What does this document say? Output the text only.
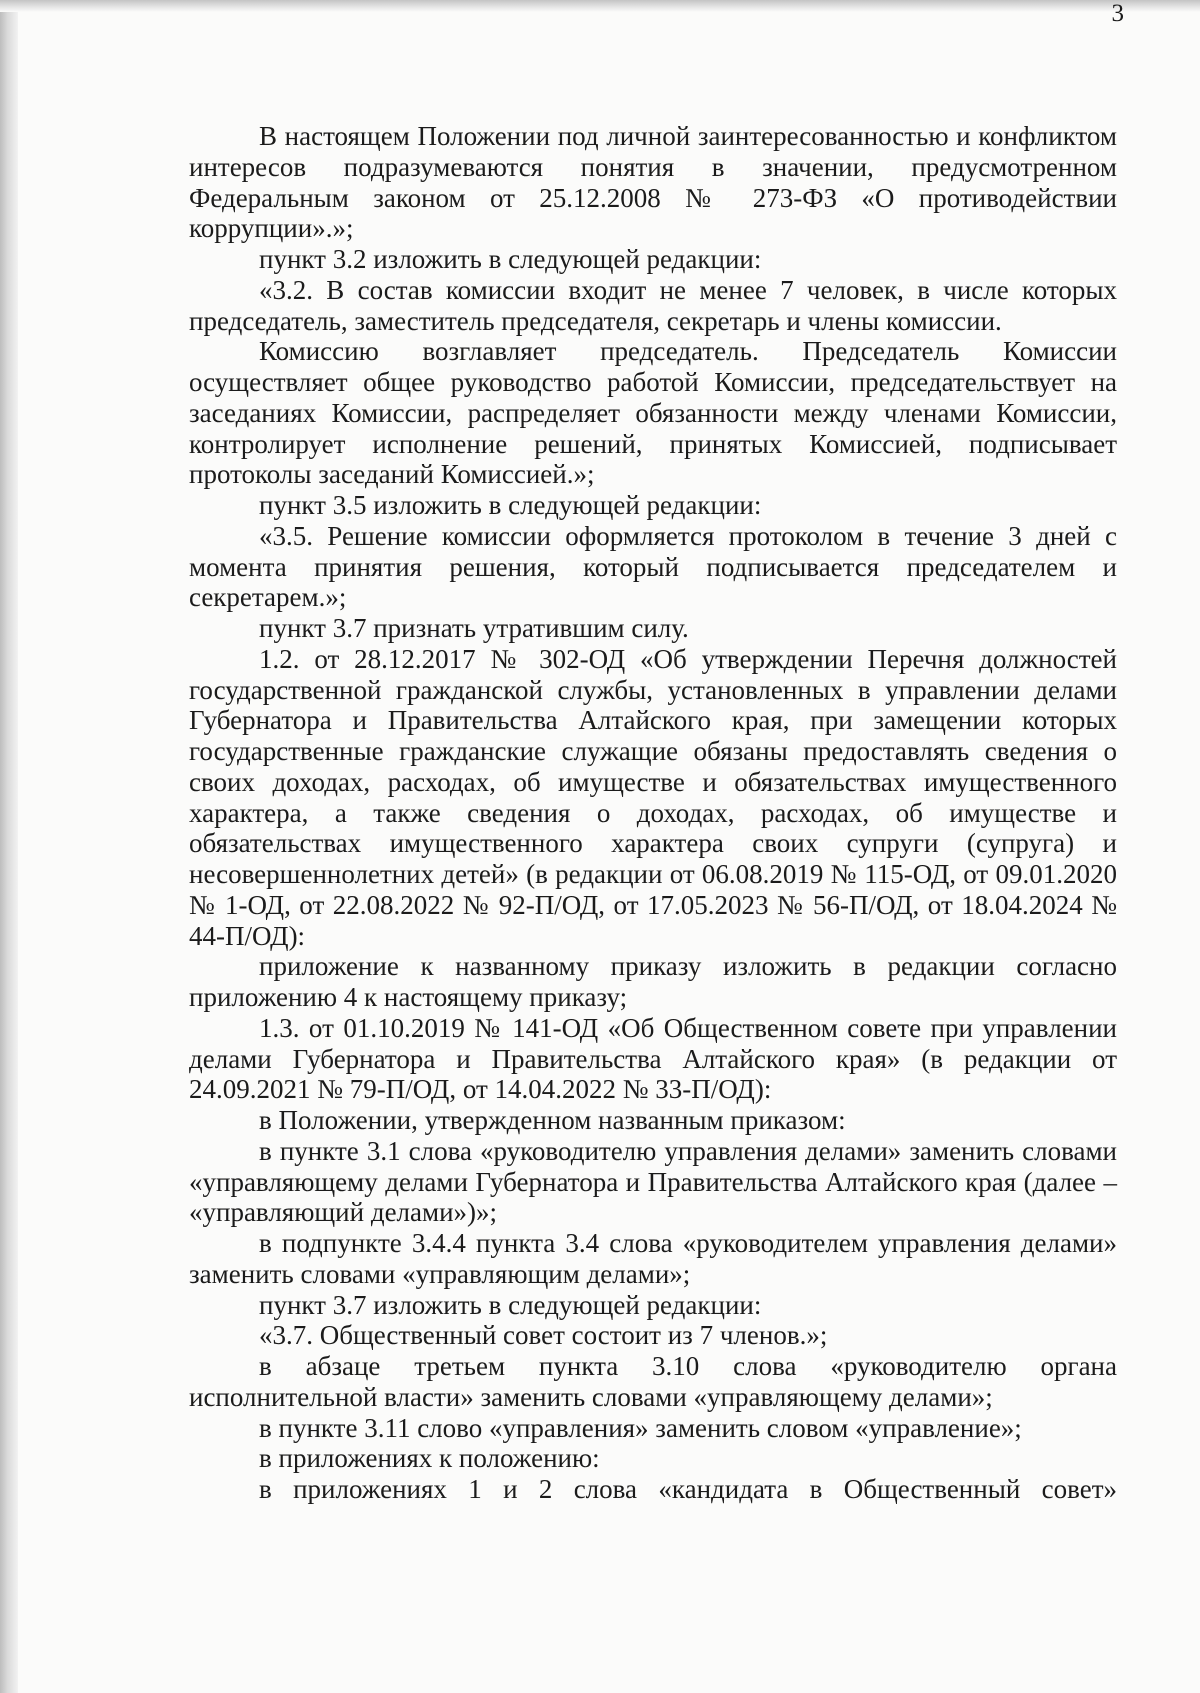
3

В настоящем Положении под личной заинтересованностью и конфликтом интересов подразумеваются понятия в значении, предусмотренном Федеральным законом от 25.12.2008 № 273-ФЗ «О противодействии коррупции».»;

пункт 3.2 изложить в следующей редакции:

«3.2. В состав комиссии входит не менее 7 человек, в числе которых председатель, заместитель председателя, секретарь и члены комиссии.

Комиссию возглавляет председатель. Председатель Комиссии осуществляет общее руководство работой Комиссии, председательствует на заседаниях Комиссии, распределяет обязанности между членами Комиссии, контролирует исполнение решений, принятых Комиссией, подписывает протоколы заседаний Комиссией.»;

пункт 3.5 изложить в следующей редакции:

«3.5. Решение комиссии оформляется протоколом в течение 3 дней с момента принятия решения, который подписывается председателем и секретарем.»;

пункт 3.7 признать утратившим силу.

1.2. от 28.12.2017 № 302-ОД «Об утверждении Перечня должностей государственной гражданской службы, установленных в управлении делами Губернатора и Правительства Алтайского края, при замещении которых государственные гражданские служащие обязаны предоставлять сведения о своих доходах, расходах, об имуществе и обязательствах имущественного характера, а также сведения о доходах, расходах, об имуществе и обязательствах имущественного характера своих супруги (супруга) и несовершеннолетних детей» (в редакции от 06.08.2019 № 115-ОД, от 09.01.2020 № 1-ОД, от 22.08.2022 № 92-П/ОД, от 17.05.2023 № 56-П/ОД, от 18.04.2024 № 44-П/ОД):

приложение к названному приказу изложить в редакции согласно приложению 4 к настоящему приказу;

1.3. от 01.10.2019 № 141-ОД «Об Общественном совете при управлении делами Губернатора и Правительства Алтайского края» (в редакции от 24.09.2021 № 79-П/ОД, от 14.04.2022 № 33-П/ОД):

в Положении, утвержденном названным приказом:

в пункте 3.1 слова «руководителю управления делами» заменить словами «управляющему делами Губернатора и Правительства Алтайского края (далее – «управляющий делами»)»;

в подпункте 3.4.4 пункта 3.4 слова «руководителем управления делами» заменить словами «управляющим делами»;

пункт 3.7 изложить в следующей редакции:

«3.7. Общественный совет состоит из 7 членов.»;

в абзаце третьем пункта 3.10 слова «руководителю органа исполнительной власти» заменить словами «управляющему делами»;

в пункте 3.11 слово «управления» заменить словом «управление»;

в приложениях к положению:

в приложениях 1 и 2 слова «кандидата в Общественный совет»
